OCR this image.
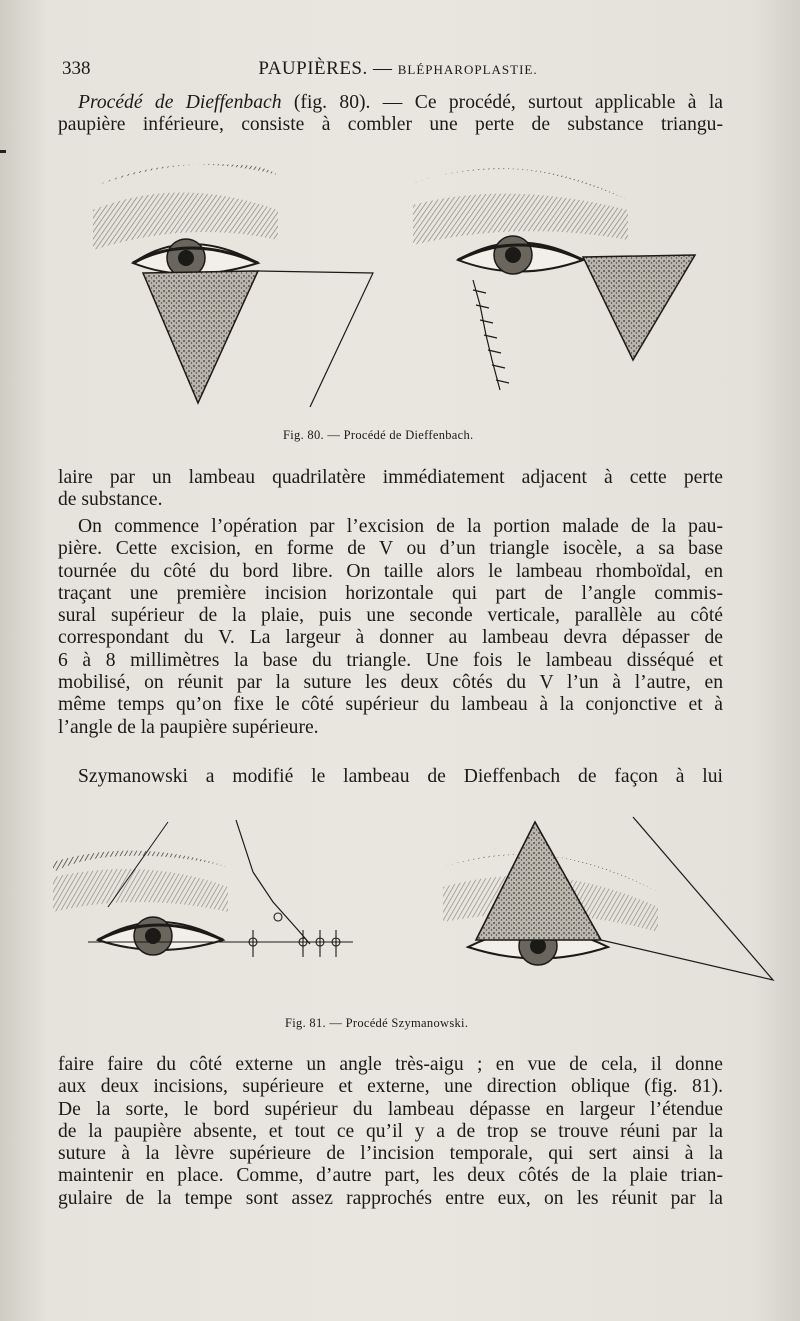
338	PAUPIÈRES. — BLÉPHAROPLASTIE.

Procédé de Dieffenbach (fig. 80). — Ce procédé, surtout applicable à la
paupière inférieure, consiste à combler une perte de substance triangu-

Fig. 80. — Procédé de Dieffenbach.

laire par un lambeau quadrilatère immédiatement adjacent à cette perte
de substance.

On commence l’opération par l’excision de la portion malade de la pau-
pière. Cette excision, en forme de V ou d’un triangle isocèle, a sa base
tournée du côté du bord libre. On taille alors le lambeau rhomboïdal, en
traçant une première incision horizontale qui part de l’angle commis-
sural supérieur de la plaie, puis une seconde verticale, parallèle au côté
correspondant du V. La largeur à donner au lambeau devra dépasser de
6 à 8 millimètres la base du triangle. Une fois le lambeau disséqué et
mobilisé, on réunit par la suture les deux côtés du V l’un à l’autre, en
même temps qu’on fixe le côté supérieur du lambeau à la conjonctive et à
l’angle de la paupière supérieure.

Szymanowski a modifié le lambeau de Dieffenbach de façon à lui

Fig. 81. — Procédé Szymanowski.

faire faire du côté externe un angle très-aigu ; en vue de cela, il donne
aux deux incisions, supérieure et externe, une direction oblique (fig. 81).
De la sorte, le bord supérieur du lambeau dépasse en largeur l’étendue
de la paupière absente, et tout ce qu’il y a de trop se trouve réuni par la
suture à la lèvre supérieure de l’incision temporale, qui sert ainsi à la
maintenir en place. Comme, d’autre part, les deux côtés de la plaie trian-
gulaire de la tempe sont assez rapprochés entre eux, on les réunit par la
